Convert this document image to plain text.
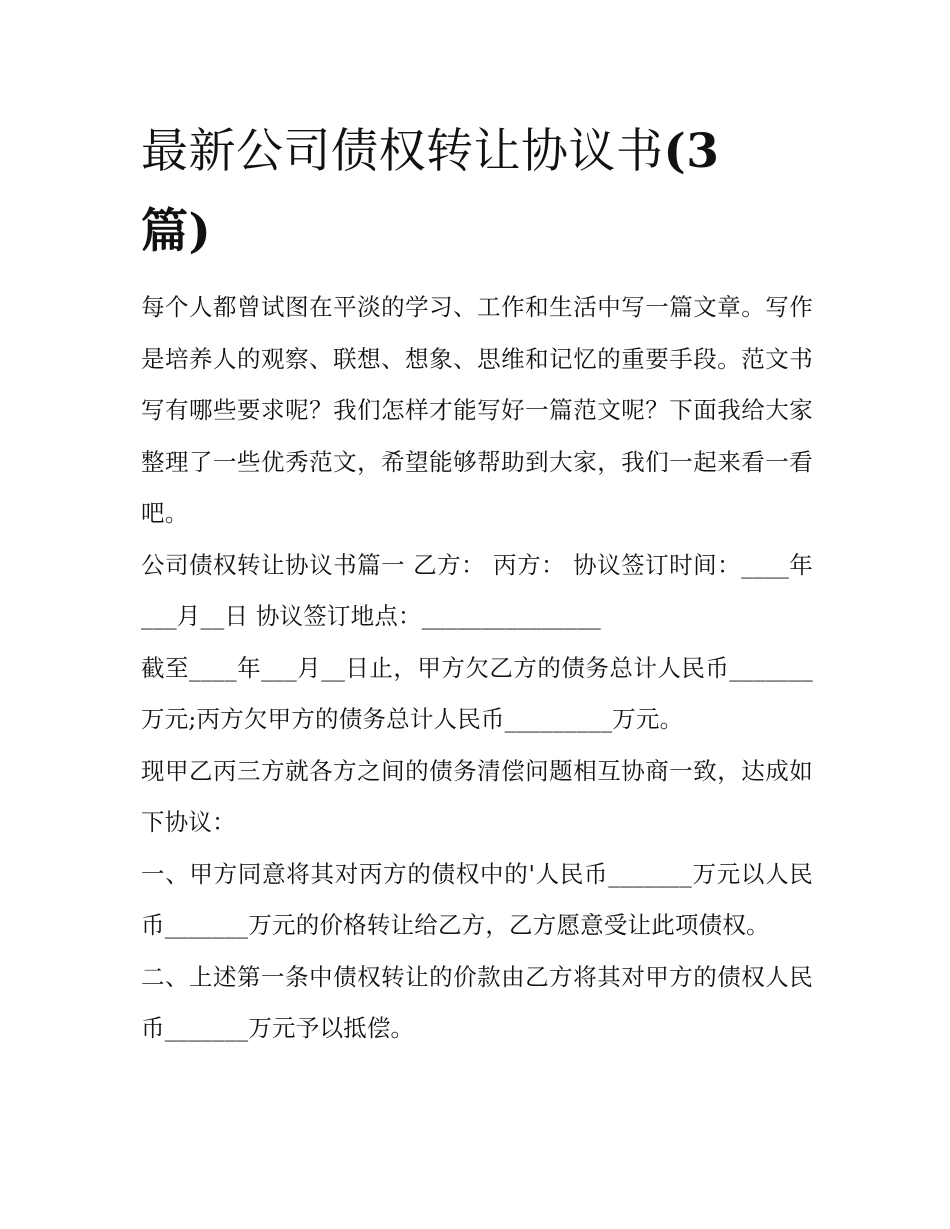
最新公司债权转让协议书(3
篇)

每个人都曾试图在平淡的学习、工作和生活中写一篇文章。写作是培养人的观察、联想、想象、思维和记忆的重要手段。范文书写有哪些要求呢？我们怎样才能写好一篇范文呢？下面我给大家整理了一些优秀范文，希望能够帮助到大家，我们一起来看一看吧。

公司债权转让协议书篇一 乙方： 丙方： 协议签订时间：____年___月__日 协议签订地点：_______________

截至____年___月__日止，甲方欠乙方的债务总计人民币_______万元;丙方欠甲方的债务总计人民币_________万元。

现甲乙丙三方就各方之间的债务清偿问题相互协商一致，达成如下协议：

一、甲方同意将其对丙方的债权中的'人民币_______万元以人民币_______万元的价格转让给乙方，乙方愿意受让此项债权。

二、上述第一条中债权转让的价款由乙方将其对甲方的债权人民币_______万元予以抵偿。
